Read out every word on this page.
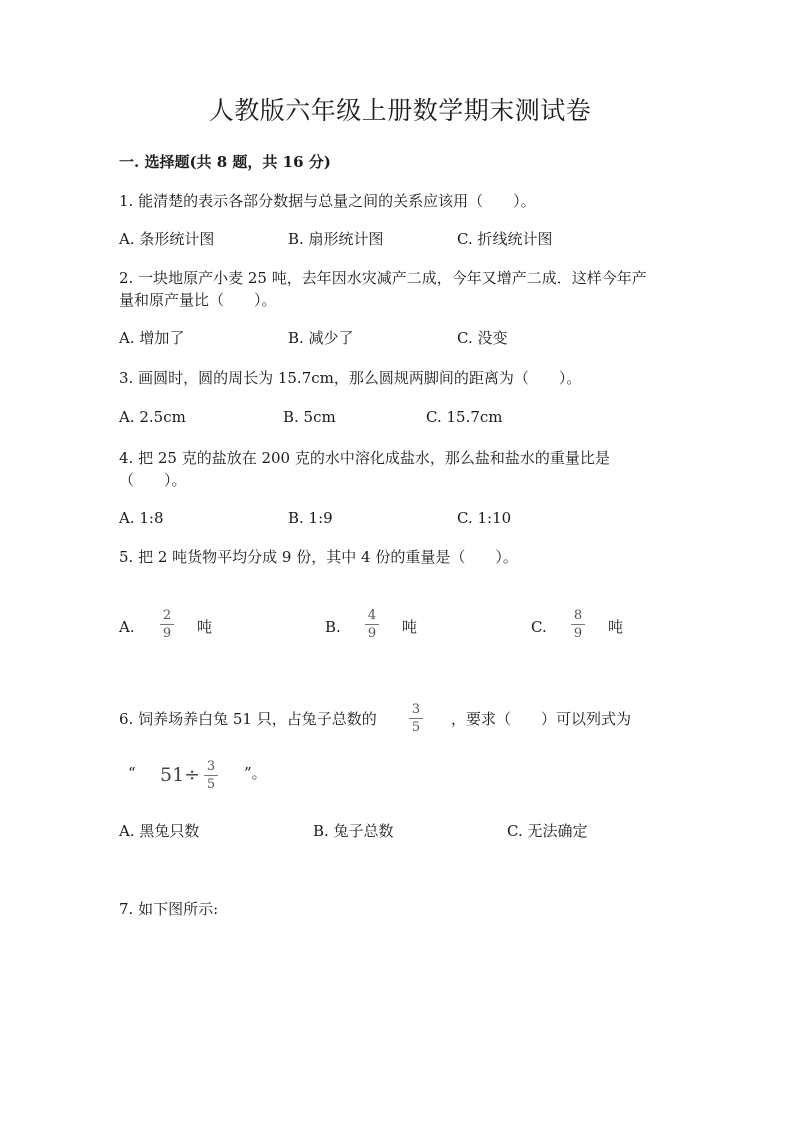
人教版六年级上册数学期末测试卷
一. 选择题(共 8 题，共 16 分)
1. 能清楚的表示各部分数据与总量之间的关系应该用（　　）。
A. 条形统计图	B. 扇形统计图	C. 折线统计图
2. 一块地原产小麦 25 吨，去年因水灾减产二成，今年又增产二成．这样今年产
量和原产量比（　　）。
A. 增加了	B. 减少了	C. 没变
3. 画圆时，圆的周长为 15.7cm，那么圆规两脚间的距离为（　　）。
A. 2.5cm	B. 5cm	C. 15.7cm
4. 把 25 克的盐放在 200 克的水中溶化成盐水，那么盐和盐水的重量比是
（　　）。
A. 1:8	B. 1:9	C. 1:10
5. 把 2 吨货物平均分成 9 份，其中 4 份的重量是（　　）。
A.
2
9 吨	B.
4
9 吨	C.
8
9 吨
6. 饲养场养白兔 51 只，占兔子总数的
3
5 ，要求（　　）可以列式为
“ 51÷ 3
5
”。
A. 黑兔只数	B. 兔子总数	C. 无法确定
7. 如下图所示:
